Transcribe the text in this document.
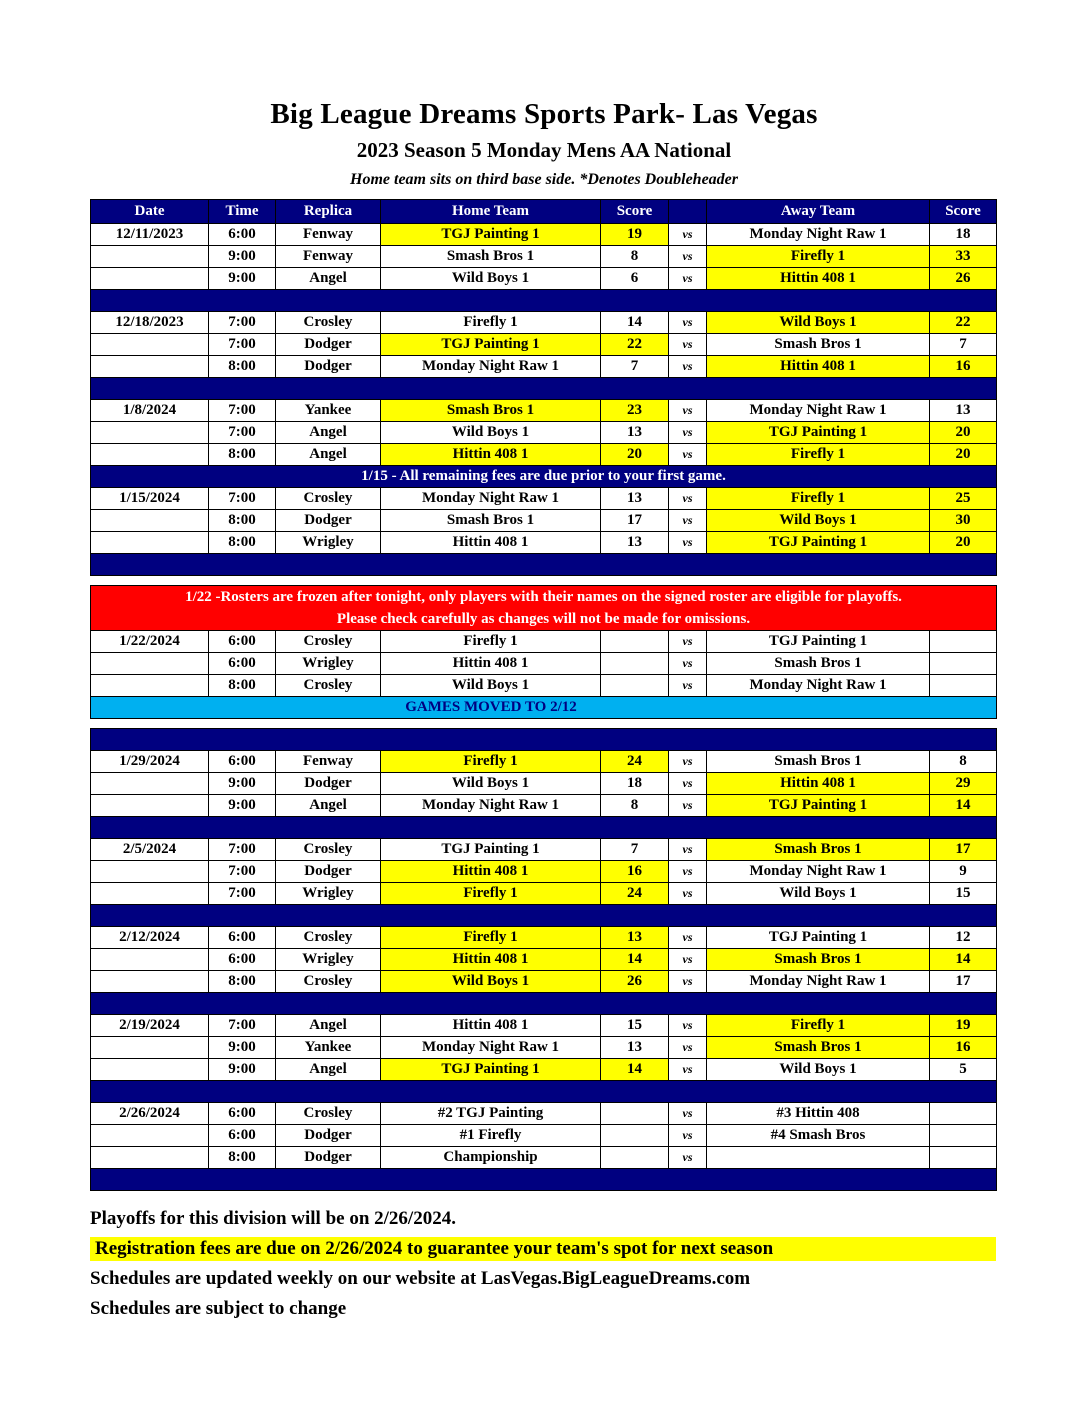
Big League Dreams Sports Park- Las Vegas
2023 Season 5 Monday Mens AA National
Home team sits on third base side. *Denotes Doubleheader
Date	Time	Replica	Home Team	Score		Away Team	Score
12/11/2023	6:00	Fenway	TGJ Painting 1	19	vs	Monday Night Raw 1	18
	9:00	Fenway	Smash Bros 1	8	vs	Firefly 1	33
	9:00	Angel	Wild Boys 1	6	vs	Hittin 408 1	26

12/18/2023	7:00	Crosley	Firefly 1	14	vs	Wild Boys 1	22
	7:00	Dodger	TGJ Painting 1	22	vs	Smash Bros 1	7
	8:00	Dodger	Monday Night Raw 1	7	vs	Hittin 408 1	16

1/8/2024	7:00	Yankee	Smash Bros 1	23	vs	Monday Night Raw 1	13
	7:00	Angel	Wild Boys 1	13	vs	TGJ Painting 1	20
	8:00	Angel	Hittin 408 1	20	vs	Firefly 1	20
1/15 - All remaining fees are due prior to your first game.							
1/15/2024	7:00	Crosley	Monday Night Raw 1	13	vs	Firefly 1	25
	8:00	Dodger	Smash Bros 1	17	vs	Wild Boys 1	30
	8:00	Wrigley	Hittin 408 1	13	vs	TGJ Painting 1	20

1/22 -Rosters are frozen after tonight, only players with their names on the signed roster are eligible for playoffs.
Please check carefully as changes will not be made for omissions.							

1/22/2024	6:00	Crosley	Firefly 1		vs	TGJ Painting 1	
	6:00	Wrigley	Hittin 408 1		vs	Smash Bros 1	
	8:00	Crosley	Wild Boys 1		vs	Monday Night Raw 1	
GAMES MOVED TO 2/12							

1/29/2024	6:00	Fenway	Firefly 1	24	vs	Smash Bros 1	8
	9:00	Dodger	Wild Boys 1	18	vs	Hittin 408 1	29
	9:00	Angel	Monday Night Raw 1	8	vs	TGJ Painting 1	14

2/5/2024	7:00	Crosley	TGJ Painting 1	7	vs	Smash Bros 1	17
	7:00	Dodger	Hittin 408 1	16	vs	Monday Night Raw 1	9
	7:00	Wrigley	Firefly 1	24	vs	Wild Boys 1	15

2/12/2024	6:00	Crosley	Firefly 1	13	vs	TGJ Painting 1	12
	6:00	Wrigley	Hittin 408 1	14	vs	Smash Bros 1	14
	8:00	Crosley	Wild Boys 1	26	vs	Monday Night Raw 1	17

2/19/2024	7:00	Angel	Hittin 408 1	15	vs	Firefly 1	19
	9:00	Yankee	Monday Night Raw 1	13	vs	Smash Bros 1	16
	9:00	Angel	TGJ Painting 1	14	vs	Wild Boys 1	5

2/26/2024	6:00	Crosley	#2 TGJ Painting		vs	#3 Hittin 408	
	6:00	Dodger	#1 Firefly		vs	#4 Smash Bros	
	8:00	Dodger	Championship		vs		

Playoffs for this division will be on 2/26/2024.
Registration fees are due on 2/26/2024 to guarantee your team's spot for next season
Schedules are updated weekly on our website at LasVegas.BigLeagueDreams.com
Schedules are subject to change
